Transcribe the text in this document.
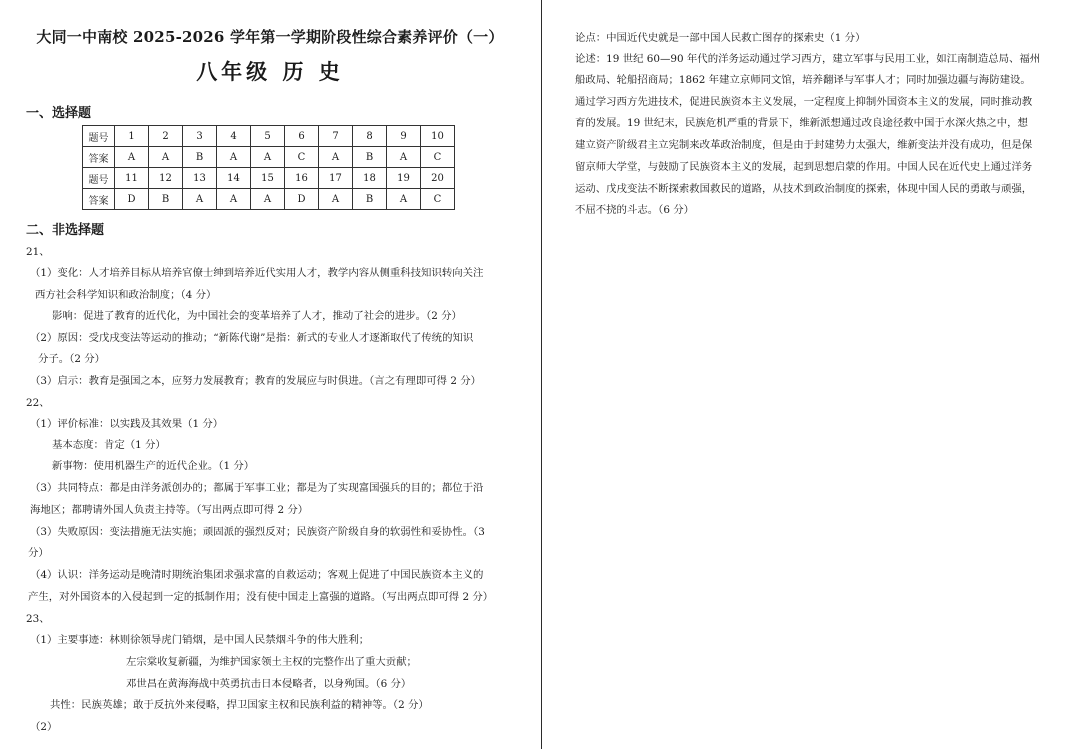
大同一中南校 2025-2026 学年第一学期阶段性综合素养评价（一）
八年级 历 史
一、选择题
题号	1	2	3	4	5	6	7	8	9	10
答案	A	A	B	A	A	C	A	B	A	C
题号	11	12	13	14	15	16	17	18	19	20
答案	D	B	A	A	A	D	A	B	A	C
二、非选择题
21、
（1）变化：人才培养目标从培养官僚士绅到培养近代实用人才，教学内容从侧重科技知识转向关注
西方社会科学知识和政治制度；（4 分）
影响：促进了教育的近代化，为中国社会的变革培养了人才，推动了社会的进步。（2 分）
（2）原因：受戊戌变法等运动的推动；“新陈代谢”是指：新式的专业人才逐渐取代了传统的知识
分子。（2 分）
（3）启示：教育是强国之本，应努力发展教育；教育的发展应与时俱进。（言之有理即可得 2 分）
22、
（1）评价标准：以实践及其效果（1 分）
基本态度：肯定（1 分）
新事物：使用机器生产的近代企业。（1 分）
（3）共同特点：都是由洋务派创办的；都属于军事工业；都是为了实现富国强兵的目的；都位于沿
海地区；都聘请外国人负责主持等。（写出两点即可得 2 分）
（3）失败原因：变法措施无法实施；顽固派的强烈反对；民族资产阶级自身的软弱性和妥协性。（3
分）
（4）认识：洋务运动是晚清时期统治集团求强求富的自救运动；客观上促进了中国民族资本主义的
产生，对外国资本的入侵起到一定的抵制作用；没有使中国走上富强的道路。（写出两点即可得 2 分）
23、
（1）主要事迹：林则徐领导虎门销烟，是中国人民禁烟斗争的伟大胜利；
左宗棠收复新疆，为维护国家领土主权的完整作出了重大贡献；
邓世昌在黄海海战中英勇抗击日本侵略者，以身殉国。（6 分）
共性：民族英雄；敢于反抗外来侵略，捍卫国家主权和民族利益的精神等。（2 分）
（2）
论点：中国近代史就是一部中国人民救亡图存的探索史（1 分）
论述：19 世纪 60—90 年代的洋务运动通过学习西方，建立军事与民用工业，如江南制造总局、福州
船政局、轮船招商局；1862 年建立京师同文馆，培养翻译与军事人才；同时加强边疆与海防建设。
通过学习西方先进技术，促进民族资本主义发展，一定程度上抑制外国资本主义的发展，同时推动教
育的发展。19 世纪末，民族危机严重的背景下，维新派想通过改良途径救中国于水深火热之中，想
建立资产阶级君主立宪制来改革政治制度，但是由于封建势力太强大，维新变法并没有成功，但是保
留京师大学堂，与鼓励了民族资本主义的发展，起到思想启蒙的作用。中国人民在近代史上通过洋务
运动、戊戌变法不断探索救国救民的道路，从技术到政治制度的探索，体现中国人民的勇敢与顽强，
不屈不挠的斗志。（6 分）
